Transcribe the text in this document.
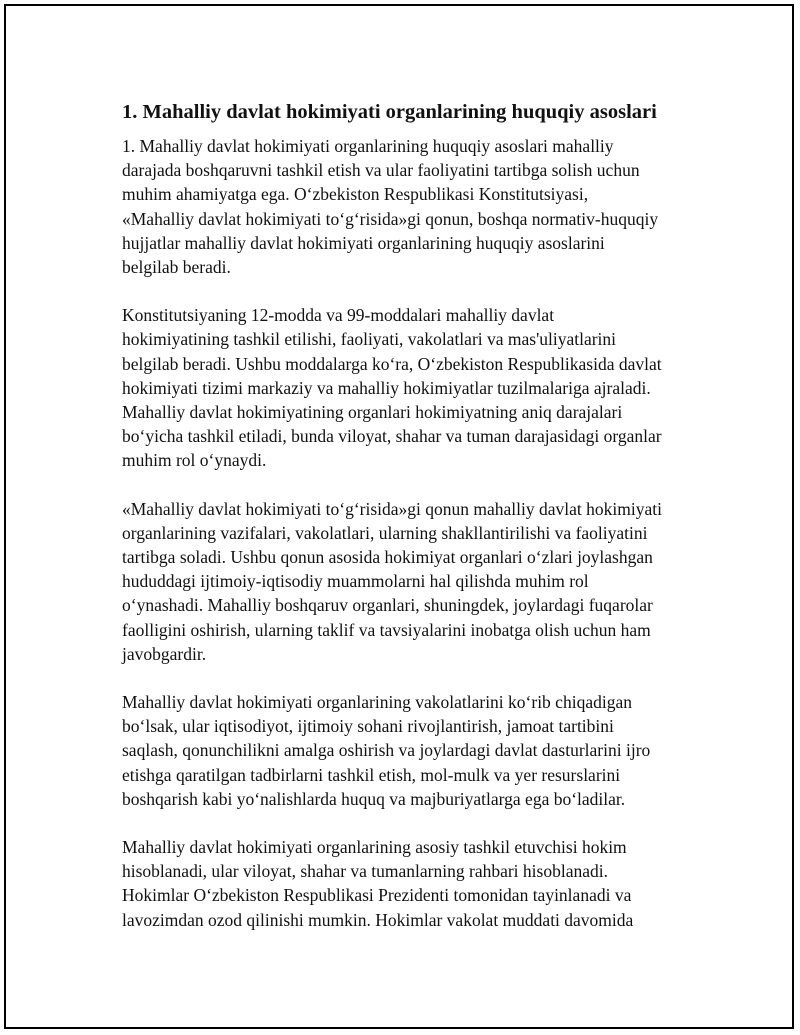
1. Mahalliy davlat hokimiyati organlarining huquqiy asoslari

1. Mahalliy davlat hokimiyati organlarining huquqiy asoslari mahalliy
darajada boshqaruvni tashkil etish va ular faoliyatini tartibga solish uchun
muhim ahamiyatga ega. O‘zbekiston Respublikasi Konstitutsiyasi,
«Mahalliy davlat hokimiyati to‘g‘risida»gi qonun, boshqa normativ-huquqiy
hujjatlar mahalliy davlat hokimiyati organlarining huquqiy asoslarini
belgilab beradi.

Konstitutsiyaning 12-modda va 99-moddalari mahalliy davlat
hokimiyatining tashkil etilishi, faoliyati, vakolatlari va mas'uliyatlarini
belgilab beradi. Ushbu moddalarga ko‘ra, O‘zbekiston Respublikasida davlat
hokimiyati tizimi markaziy va mahalliy hokimiyatlar tuzilmalariga ajraladi.
Mahalliy davlat hokimiyatining organlari hokimiyatning aniq darajalari
bo‘yicha tashkil etiladi, bunda viloyat, shahar va tuman darajasidagi organlar
muhim rol o‘ynaydi.

«Mahalliy davlat hokimiyati to‘g‘risida»gi qonun mahalliy davlat hokimiyati
organlarining vazifalari, vakolatlari, ularning shakllantirilishi va faoliyatini
tartibga soladi. Ushbu qonun asosida hokimiyat organlari o‘zlari joylashgan
hududdagi ijtimoiy-iqtisodiy muammolarni hal qilishda muhim rol
o‘ynashadi. Mahalliy boshqaruv organlari, shuningdek, joylardagi fuqarolar
faolligini oshirish, ularning taklif va tavsiyalarini inobatga olish uchun ham
javobgardir.

Mahalliy davlat hokimiyati organlarining vakolatlarini ko‘rib chiqadigan
bo‘lsak, ular iqtisodiyot, ijtimoiy sohani rivojlantirish, jamoat tartibini
saqlash, qonunchilikni amalga oshirish va joylardagi davlat dasturlarini ijro
etishga qaratilgan tadbirlarni tashkil etish, mol-mulk va yer resurslarini
boshqarish kabi yo‘nalishlarda huquq va majburiyatlarga ega bo‘ladilar.

Mahalliy davlat hokimiyati organlarining asosiy tashkil etuvchisi hokim
hisoblanadi, ular viloyat, shahar va tumanlarning rahbari hisoblanadi.
Hokimlar O‘zbekiston Respublikasi Prezidenti tomonidan tayinlanadi va
lavozimdan ozod qilinishi mumkin. Hokimlar vakolat muddati davomida
